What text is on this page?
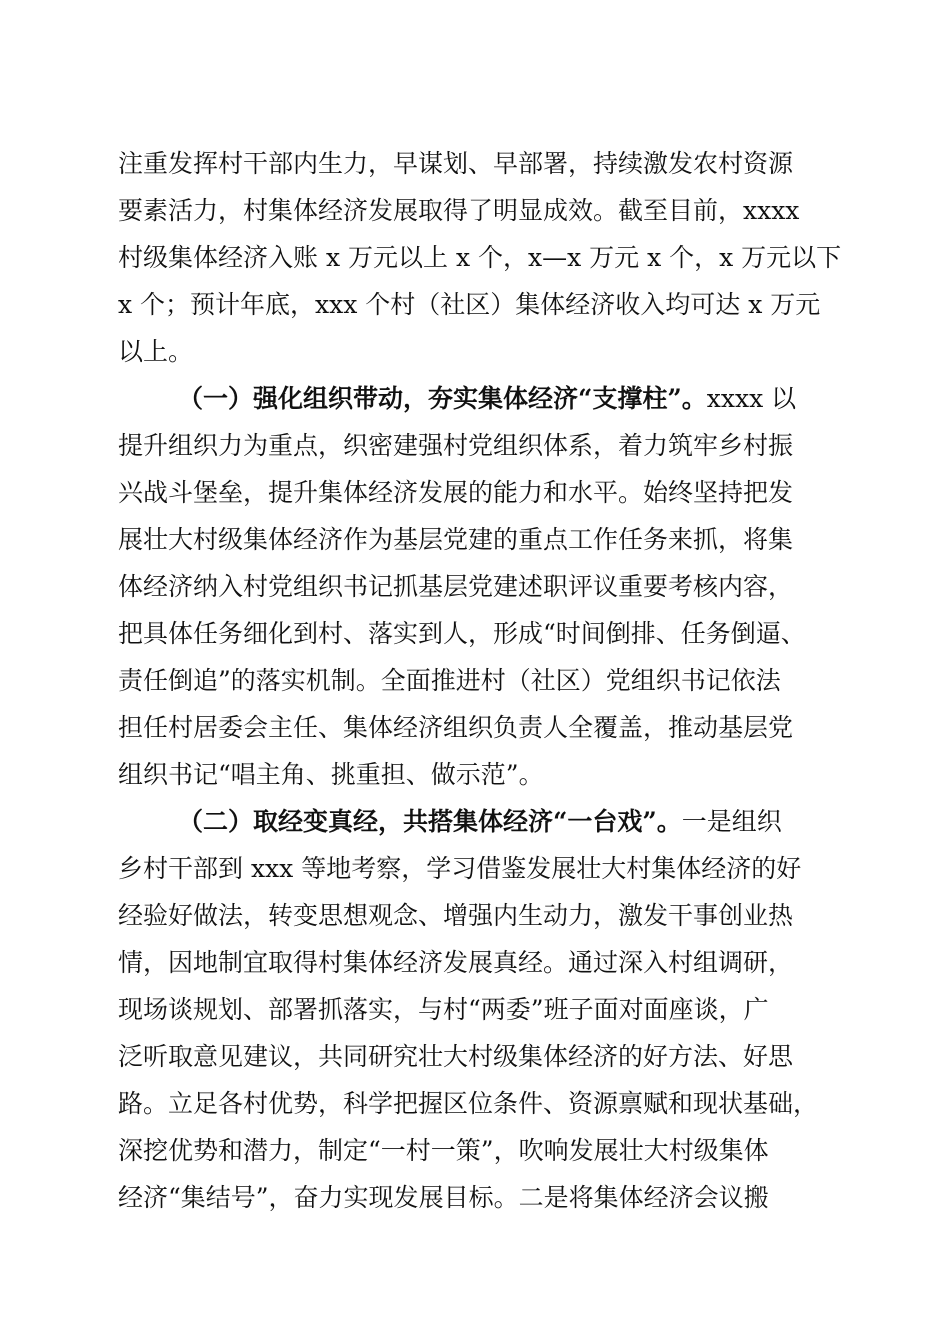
注重发挥村干部内生力，早谋划、早部署，持续激发农村资源
要素活力，村集体经济发展取得了明显成效。截至目前，xxxx
村级集体经济入账 x 万元以上 x 个，x—x 万元 x 个，x 万元以下
x 个；预计年底，xxx 个村（社区）集体经济收入均可达 x 万元
以上。
（一）强化组织带动，夯实集体经济“支撑柱”。xxxx 以
提升组织力为重点，织密建强村党组织体系，着力筑牢乡村振
兴战斗堡垒，提升集体经济发展的能力和水平。始终坚持把发
展壮大村级集体经济作为基层党建的重点工作任务来抓，将集
体经济纳入村党组织书记抓基层党建述职评议重要考核内容，
把具体任务细化到村、落实到人，形成“时间倒排、任务倒逼、
责任倒追”的落实机制。全面推进村（社区）党组织书记依法
担任村居委会主任、集体经济组织负责人全覆盖，推动基层党
组织书记“唱主角、挑重担、做示范”。
（二）取经变真经，共搭集体经济“一台戏”。一是组织
乡村干部到 xxx 等地考察，学习借鉴发展壮大村集体经济的好
经验好做法，转变思想观念、增强内生动力，激发干事创业热
情，因地制宜取得村集体经济发展真经。通过深入村组调研，
现场谈规划、部署抓落实，与村“两委”班子面对面座谈，广
泛听取意见建议，共同研究壮大村级集体经济的好方法、好思
路。立足各村优势，科学把握区位条件、资源禀赋和现状基础，
深挖优势和潜力，制定“一村一策”，吹响发展壮大村级集体
经济“集结号”，奋力实现发展目标。二是将集体经济会议搬
